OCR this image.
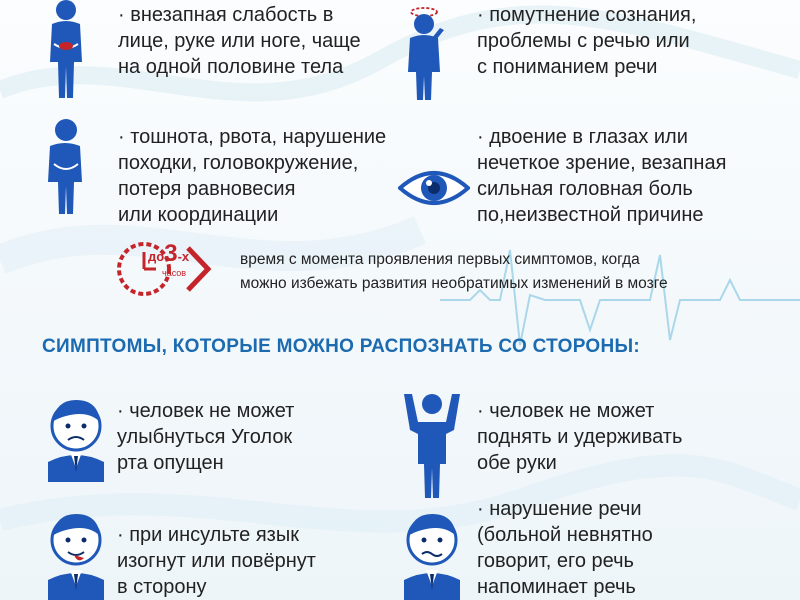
· внезапная слабость в
лице, руке или ноге, чаще
на одной половине тела
· помутнение сознания,
проблемы с речью или
с пониманием речи
· тошнота, рвота, нарушение
походки, головокружение,
потеря равновесия
или координации
· двоение в глазах или
нечеткое зрение, везапная
сильная головная боль
по,неизвестной причине
до3-х
часов
время с момента проявления первых симптомов, когда
можно избежать развития необратимых изменений в мозге
СИМПТОМЫ, КОТОРЫЕ МОЖНО РАСПОЗНАТЬ СО СТОРОНЫ:
· человек не может
улыбнуться Уголок
рта опущен
· человек не может
поднять и удерживать
обе руки
· при инсульте язык
изогнут или повёрнут
в сторону
· нарушение речи
(больной невнятно
говорит, его речь
напоминает речь
